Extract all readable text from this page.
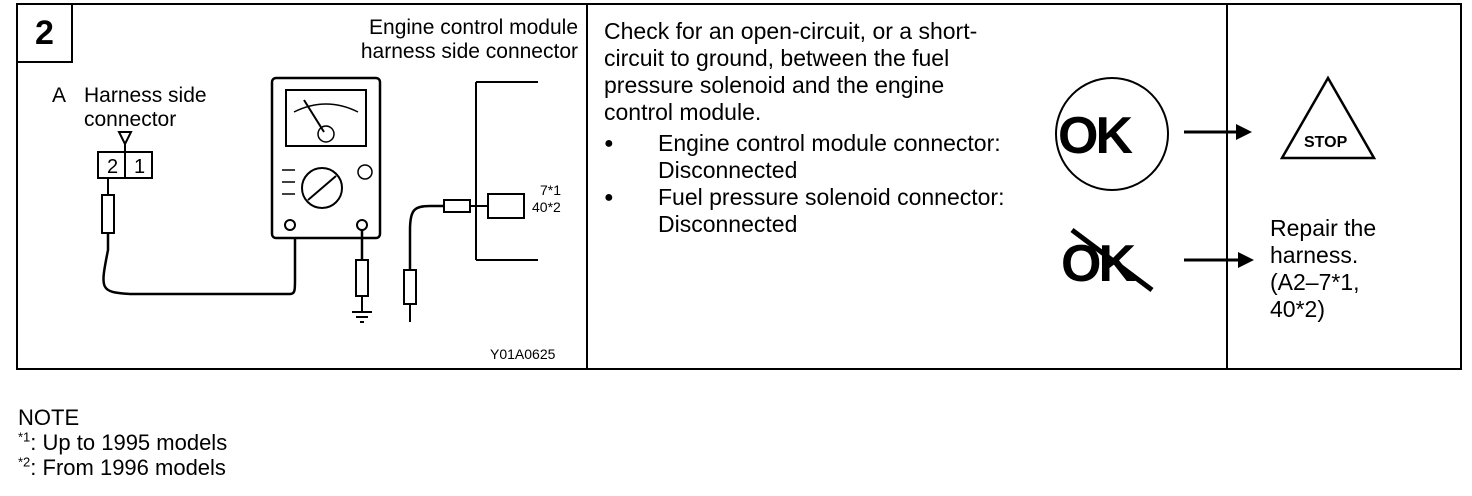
2	Engine control module
harness side connector
A Harness side
connector
2 1
7*1
40*2
Y01A0625

Check for an open-circuit, or a short-circuit to ground, between the fuel pressure solenoid and the engine control module.

● Engine control module connector: Disconnected
● Fuel pressure solenoid connector: Disconnected
OK
OK
STOP
Repair the
harness.
(A2–7*1,
40*2)
NOTE
$^{*1}$: Up to 1995 models
$^{*2}$: From 1996 models
